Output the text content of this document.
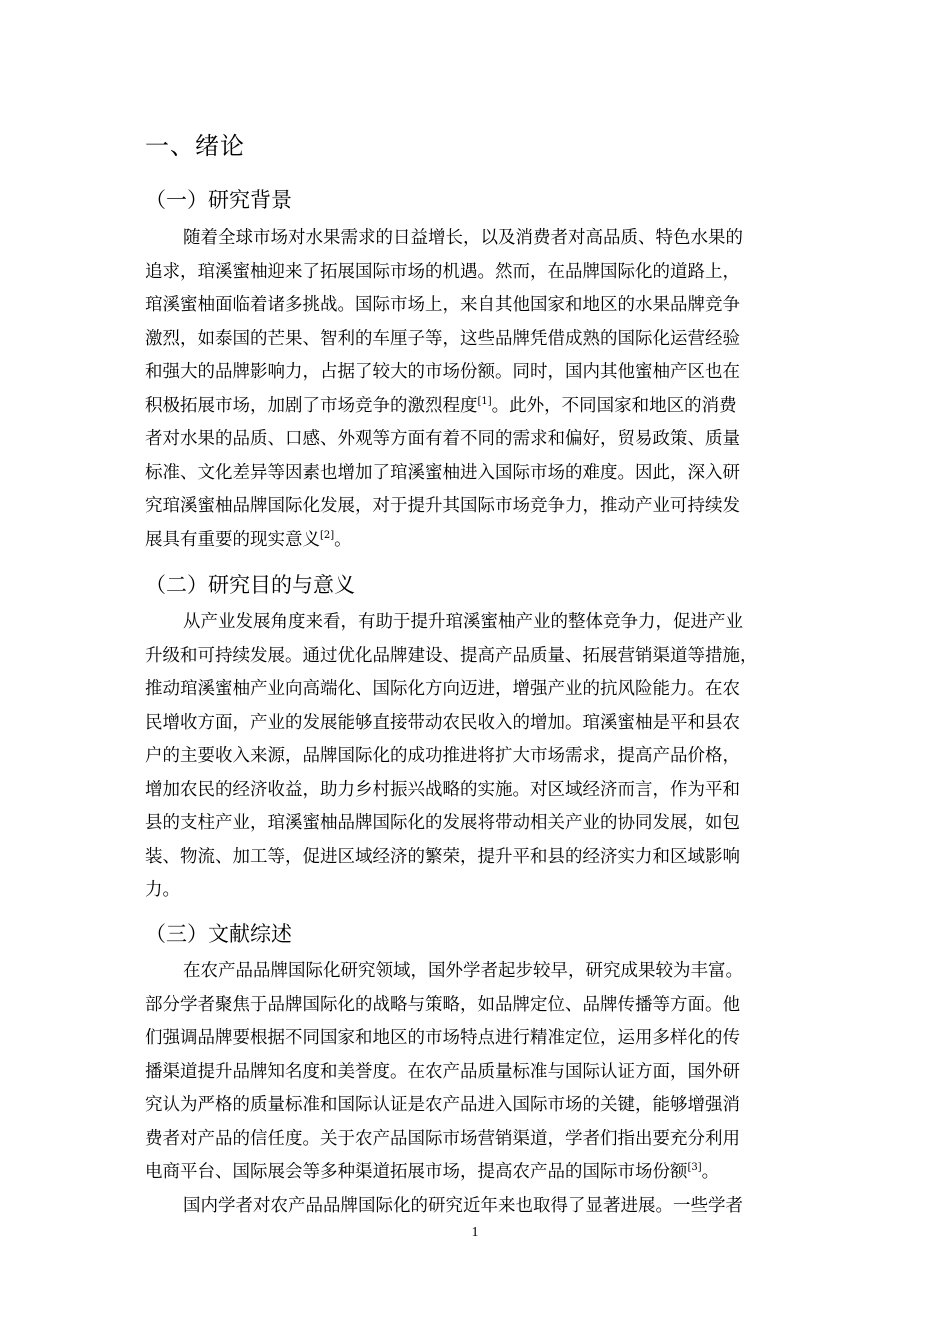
一、绪论
（一）研究背景
随着全球市场对水果需求的日益增长，以及消费者对高品质、特色水果的
追求，琯溪蜜柚迎来了拓展国际市场的机遇。然而，在品牌国际化的道路上，
琯溪蜜柚面临着诸多挑战。国际市场上，来自其他国家和地区的水果品牌竞争
激烈，如泰国的芒果、智利的车厘子等，这些品牌凭借成熟的国际化运营经验
和强大的品牌影响力，占据了较大的市场份额。同时，国内其他蜜柚产区也在
积极拓展市场，加剧了市场竞争的激烈程度[1]。此外，不同国家和地区的消费
者对水果的品质、口感、外观等方面有着不同的需求和偏好，贸易政策、质量
标准、文化差异等因素也增加了琯溪蜜柚进入国际市场的难度。因此，深入研
究琯溪蜜柚品牌国际化发展，对于提升其国际市场竞争力，推动产业可持续发
展具有重要的现实意义[2]。
（二）研究目的与意义
从产业发展角度来看，有助于提升琯溪蜜柚产业的整体竞争力，促进产业
升级和可持续发展。通过优化品牌建设、提高产品质量、拓展营销渠道等措施，
推动琯溪蜜柚产业向高端化、国际化方向迈进，增强产业的抗风险能力。在农
民增收方面，产业的发展能够直接带动农民收入的增加。琯溪蜜柚是平和县农
户的主要收入来源，品牌国际化的成功推进将扩大市场需求，提高产品价格，
增加农民的经济收益，助力乡村振兴战略的实施。对区域经济而言，作为平和
县的支柱产业，琯溪蜜柚品牌国际化的发展将带动相关产业的协同发展，如包
装、物流、加工等，促进区域经济的繁荣，提升平和县的经济实力和区域影响
力。
（三）文献综述
在农产品品牌国际化研究领域，国外学者起步较早，研究成果较为丰富。
部分学者聚焦于品牌国际化的战略与策略，如品牌定位、品牌传播等方面。他
们强调品牌要根据不同国家和地区的市场特点进行精准定位，运用多样化的传
播渠道提升品牌知名度和美誉度。在农产品质量标准与国际认证方面，国外研
究认为严格的质量标准和国际认证是农产品进入国际市场的关键，能够增强消
费者对产品的信任度。关于农产品国际市场营销渠道，学者们指出要充分利用
电商平台、国际展会等多种渠道拓展市场，提高农产品的国际市场份额[3]。
国内学者对农产品品牌国际化的研究近年来也取得了显著进展。一些学者
1
